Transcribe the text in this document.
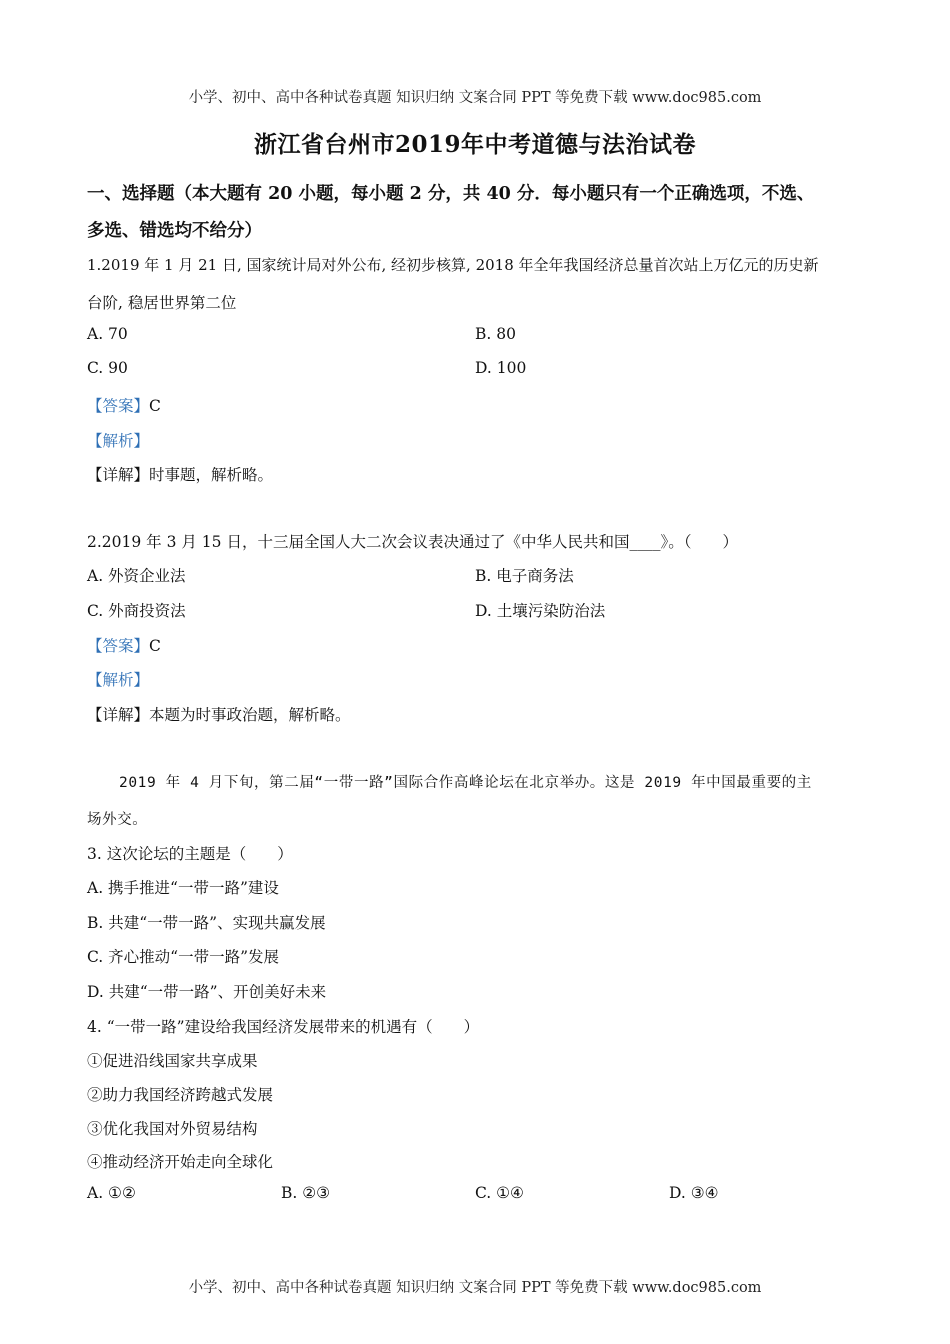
小学、初中、高中各种试卷真题 知识归纳 文案合同 PPT 等免费下载 www.doc985.com
浙江省台州市2019年中考道德与法治试卷
一、选择题（本大题有 20 小题，每小题 2 分，共 40 分．每小题只有一个正确选项，不选、
多选、错选均不给分）
1.2019 年 1 月 21 日, 国家统计局对外公布, 经初步核算, 2018 年全年我国经济总量首次站上万亿元的历史新
台阶, 稳居世界第二位
A. 70	B. 80
C. 90	D. 100
【答案】C
【解析】
【详解】时事题，解析略。
2.2019 年 3 月 15 日，十三届全国人大二次会议表决通过了《中华人民共和国____》。（　　）
A. 外资企业法	B. 电子商务法
C. 外商投资法	D. 土壤污染防治法
【答案】C
【解析】
【详解】本题为时事政治题，解析略。
2019 年 4 月下旬，第二届“一带一路”国际合作高峰论坛在北京举办。这是 2019 年中国最重要的主
场外交。
3. 这次论坛的主题是（　　）
A. 携手推进“一带一路”建设
B. 共建“一带一路”、实现共赢发展
C. 齐心推动“一带一路”发展
D. 共建“一带一路”、开创美好未来
4. “一带一路”建设给我国经济发展带来的机遇有（　　）
①促进沿线国家共享成果
②助力我国经济跨越式发展
③优化我国对外贸易结构
④推动经济开始走向全球化
A. ①②	B. ②③	C. ①④	D. ③④
小学、初中、高中各种试卷真题 知识归纳 文案合同 PPT 等免费下载 www.doc985.com
